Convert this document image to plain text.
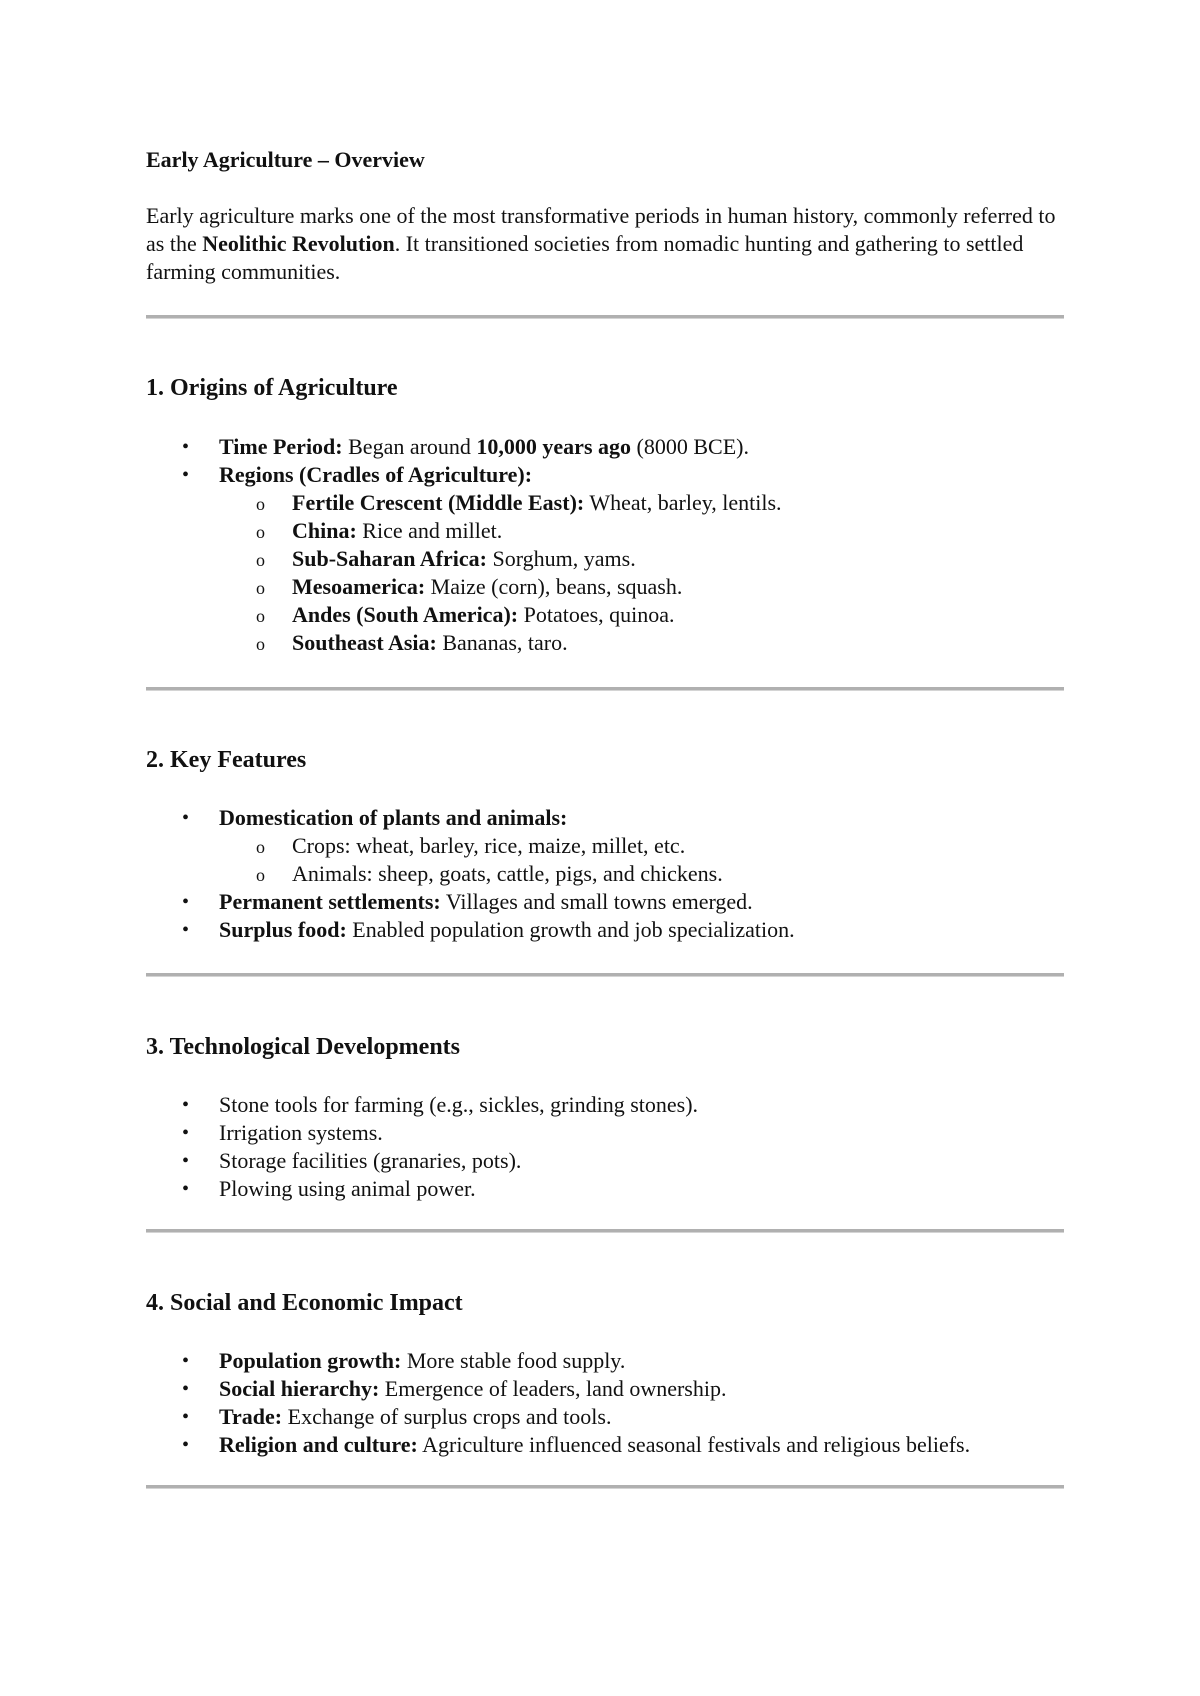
Early Agriculture – Overview
Early agriculture marks one of the most transformative periods in human history, commonly referred to as the Neolithic Revolution. It transitioned societies from nomadic hunting and gathering to settled farming communities.
1. Origins of Agriculture
• Time Period: Began around 10,000 years ago (8000 BCE).
• Regions (Cradles of Agriculture):
o Fertile Crescent (Middle East): Wheat, barley, lentils.
o China: Rice and millet.
o Sub-Saharan Africa: Sorghum, yams.
o Mesoamerica: Maize (corn), beans, squash.
o Andes (South America): Potatoes, quinoa.
o Southeast Asia: Bananas, taro.
2. Key Features
• Domestication of plants and animals:
o Crops: wheat, barley, rice, maize, millet, etc.
o Animals: sheep, goats, cattle, pigs, and chickens.
• Permanent settlements: Villages and small towns emerged.
• Surplus food: Enabled population growth and job specialization.
3. Technological Developments
• Stone tools for farming (e.g., sickles, grinding stones).
• Irrigation systems.
• Storage facilities (granaries, pots).
• Plowing using animal power.
4. Social and Economic Impact
• Population growth: More stable food supply.
• Social hierarchy: Emergence of leaders, land ownership.
• Trade: Exchange of surplus crops and tools.
• Religion and culture: Agriculture influenced seasonal festivals and religious beliefs.
